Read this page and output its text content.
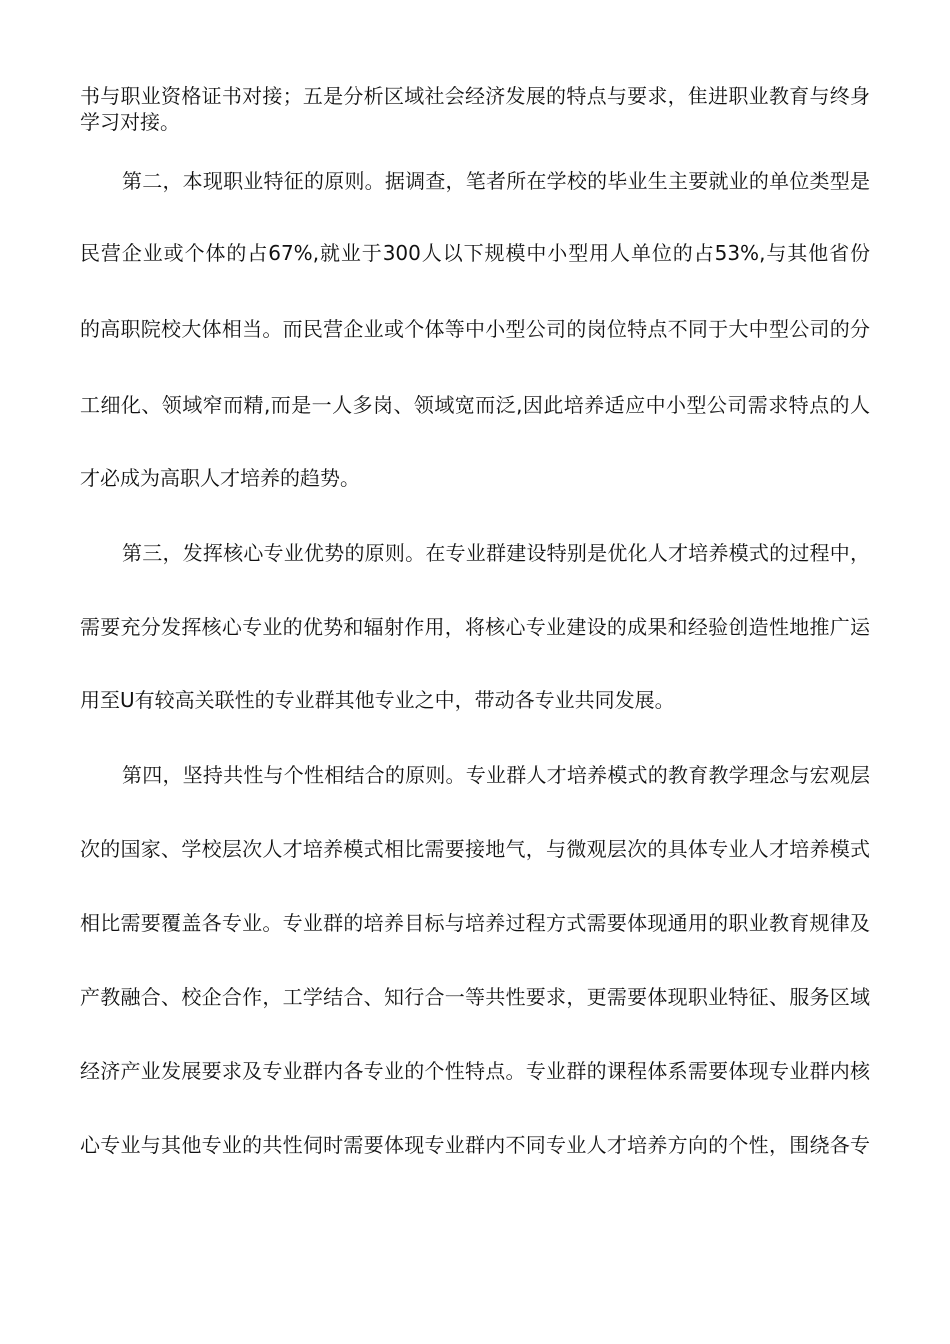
书与职业资格证书对接；五是分析区域社会经济发展的特点与要求，隹进职业教育与终身
学习对接。
第二，本现职业特征的原则。据调查，笔者所在学校的毕业生主要就业的单位类型是
民营企业或个体的占67%,就业于300人以下规模中小型用人单位的占53%,与其他省份
的高职院校大体相当。而民营企业或个体等中小型公司的岗位特点不同于大中型公司的分
工细化、领域窄而精,而是一人多岗、领域宽而泛,因此培养适应中小型公司需求特点的人
才必成为高职人才培养的趋势。
第三，发挥核心专业优势的原则。在专业群建设特别是优化人才培养模式的过程中，
需要充分发挥核心专业的优势和辐射作用，将核心专业建设的成果和经验创造性地推广运
用至U有较高关联性的专业群其他专业之中，带动各专业共同发展。
第四，坚持共性与个性相结合的原则。专业群人才培养模式的教育教学理念与宏观层
次的国家、学校层次人才培养模式相比需要接地气，与微观层次的具体专业人才培养模式
相比需要覆盖各专业。专业群的培养目标与培养过程方式需要体现通用的职业教育规律及
产教融合、校企合作，工学结合、知行合一等共性要求，更需要体现职业特征、服务区域
经济产业发展要求及专业群内各专业的个性特点。专业群的课程体系需要体现专业群内核
心专业与其他专业的共性伺时需要体现专业群内不同专业人才培养方向的个性，围绕各专
